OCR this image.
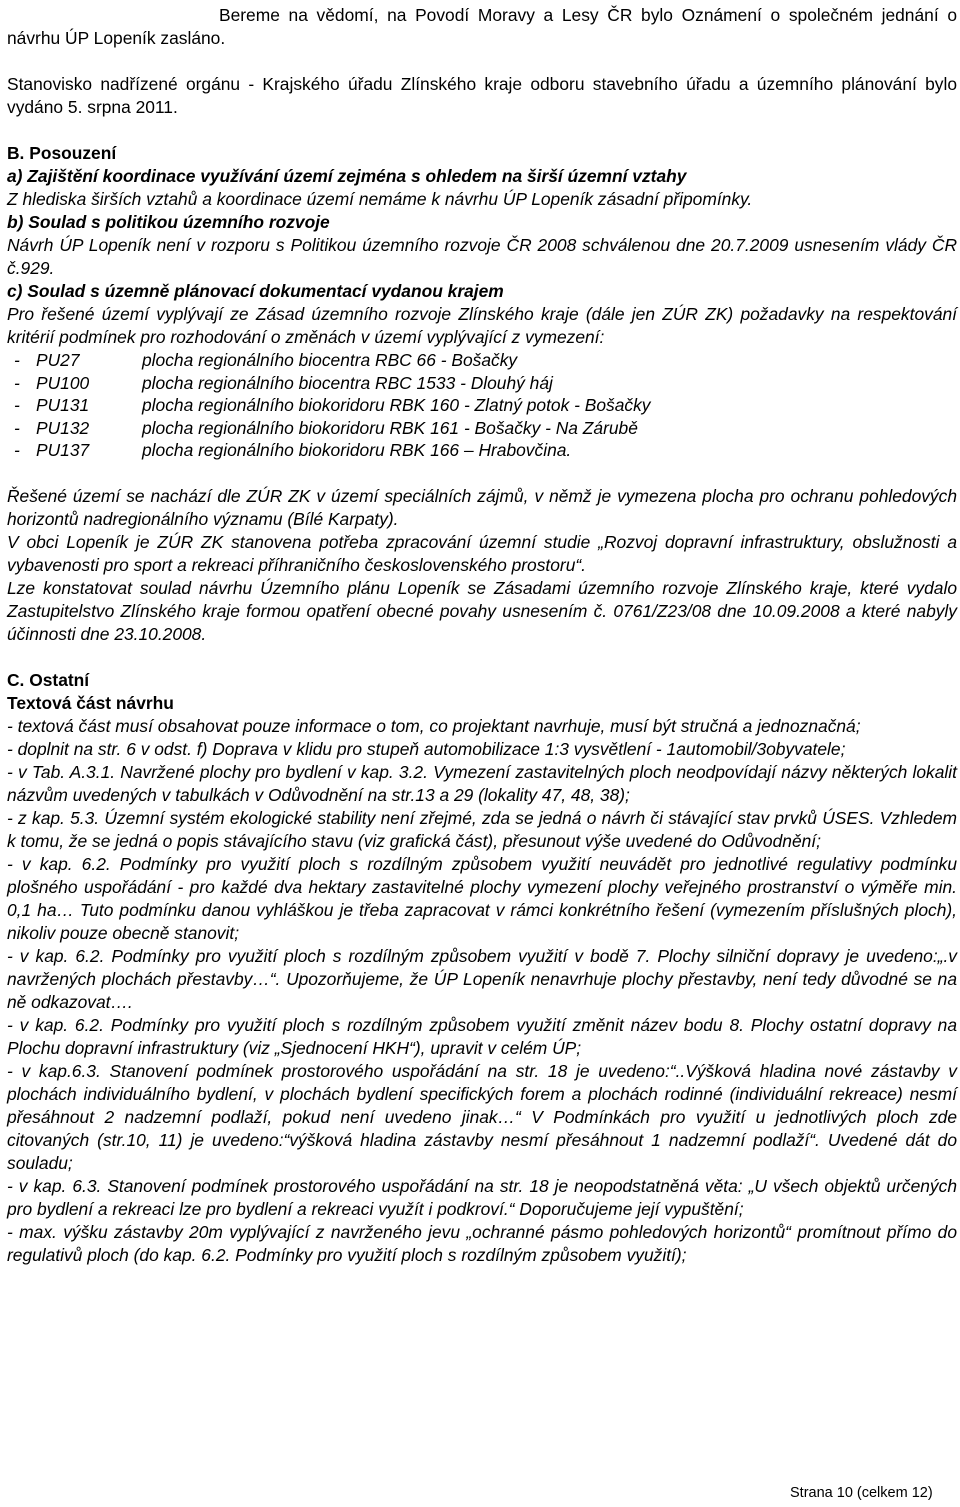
Bereme na vědomí, na Povodí Moravy a Lesy ČR bylo Oznámení o společném jednání o návrhu ÚP Lopeník zasláno.

Stanovisko nadřízené orgánu - Krajského úřadu Zlínského kraje odboru stavebního úřadu a územního plánování bylo vydáno 5. srpna 2011.

B. Posouzení

a) Zajištění koordinace využívání území zejména s ohledem na širší územní vztahy

Z hlediska širších vztahů a koordinace území nemáme k návrhu ÚP Lopeník zásadní připomínky.

b) Soulad s politikou územního rozvoje

Návrh ÚP Lopeník není v rozporu s Politikou územního rozvoje ČR 2008 schválenou dne 20.7.2009 usnesením vlády ČR č.929.

c) Soulad s územně plánovací dokumentací vydanou krajem

Pro řešené území vyplývají ze Zásad územního rozvoje Zlínského kraje (dále jen ZÚR ZK) požadavky na respektování kritérií podmínek pro rozhodování o změnách v území vyplývající z vymezení:

- PU27	plocha regionálního biocentra RBC 66 - Bošačky
- PU100	plocha regionálního biocentra RBC 1533 - Dlouhý háj
- PU131	plocha regionálního biokoridoru RBK 160 - Zlatný potok - Bošačky
- PU132	plocha regionálního biokoridoru RBK 161 - Bošačky - Na Zárubě
- PU137	plocha regionálního biokoridoru RBK 166 – Hrabovčina.

Řešené území se nachází dle ZÚR ZK v území speciálních zájmů, v němž je vymezena plocha pro ochranu pohledových horizontů nadregionálního významu (Bílé Karpaty).

V obci Lopeník je ZÚR ZK stanovena potřeba zpracování územní studie „Rozvoj dopravní infrastruktury, obslužnosti a vybavenosti pro sport a rekreaci příhraničního československého prostoru“.

Lze konstatovat soulad návrhu Územního plánu Lopeník se Zásadami územního rozvoje Zlínského kraje, které vydalo Zastupitelstvo Zlínského kraje formou opatření obecné povahy usnesením č. 0761/Z23/08 dne 10.09.2008 a které nabyly účinnosti dne 23.10.2008.

C. Ostatní

Textová část návrhu

- textová část musí obsahovat pouze informace o tom, co projektant navrhuje, musí být stručná a jednoznačná;

- doplnit na str. 6 v odst. f) Doprava v klidu pro stupeň automobilizace 1:3 vysvětlení - 1automobil/3obyvatele;

- v Tab. A.3.1. Navržené plochy pro bydlení v kap. 3.2. Vymezení zastavitelných ploch neodpovídají názvy některých lokalit názvům uvedených v tabulkách v Odůvodnění na str.13 a 29 (lokality 47, 48, 38);

- z kap. 5.3. Územní systém ekologické stability není zřejmé, zda se jedná o návrh či stávající stav prvků ÚSES. Vzhledem k tomu, že se jedná o popis stávajícího stavu (viz grafická část), přesunout výše uvedené do Odůvodnění;

- v kap. 6.2. Podmínky pro využití ploch s rozdílným způsobem využití neuvádět pro jednotlivé regulativy podmínku plošného uspořádání - pro každé dva hektary zastavitelné plochy vymezení plochy veřejného prostranství o výměře min. 0,1 ha… Tuto podmínku danou vyhláškou je třeba zapracovat v rámci konkrétního řešení (vymezením příslušných ploch), nikoliv pouze obecně stanovit;

- v kap. 6.2. Podmínky pro využití ploch s rozdílným způsobem využití v bodě 7. Plochy silniční dopravy je uvedeno:„.v navržených plochách přestavby…“. Upozorňujeme, že ÚP Lopeník nenavrhuje plochy přestavby, není tedy důvodné se na ně odkazovat….

- v kap. 6.2. Podmínky pro využití ploch s rozdílným způsobem využití změnit název bodu 8. Plochy ostatní dopravy na Plochu dopravní infrastruktury (viz „Sjednocení HKH“), upravit v celém ÚP;

- v kap.6.3. Stanovení podmínek prostorového uspořádání na str. 18 je uvedeno:“..Výšková hladina nové zástavby v plochách individuálního bydlení, v plochách bydlení specifických forem a plochách rodinné (individuální rekreace) nesmí přesáhnout 2 nadzemní podlaží, pokud není uvedeno jinak…“ V Podmínkách pro využití u jednotlivých ploch zde citovaných (str.10, 11) je uvedeno:“výšková hladina zástavby nesmí přesáhnout 1 nadzemní podlaží“. Uvedené dát do souladu;

- v kap. 6.3. Stanovení podmínek prostorového uspořádání na str. 18 je neopodstatněná věta: „U všech objektů určených pro bydlení a rekreaci lze pro bydlení a rekreaci využít i podkroví.“ Doporučujeme její vypuštění;

- max. výšku zástavby 20m vyplývající z navrženého jevu „ochranné pásmo pohledových horizontů“ promítnout přímo do regulativů ploch (do kap. 6.2. Podmínky pro využití ploch s rozdílným způsobem využití);

Strana 10 (celkem 12)
